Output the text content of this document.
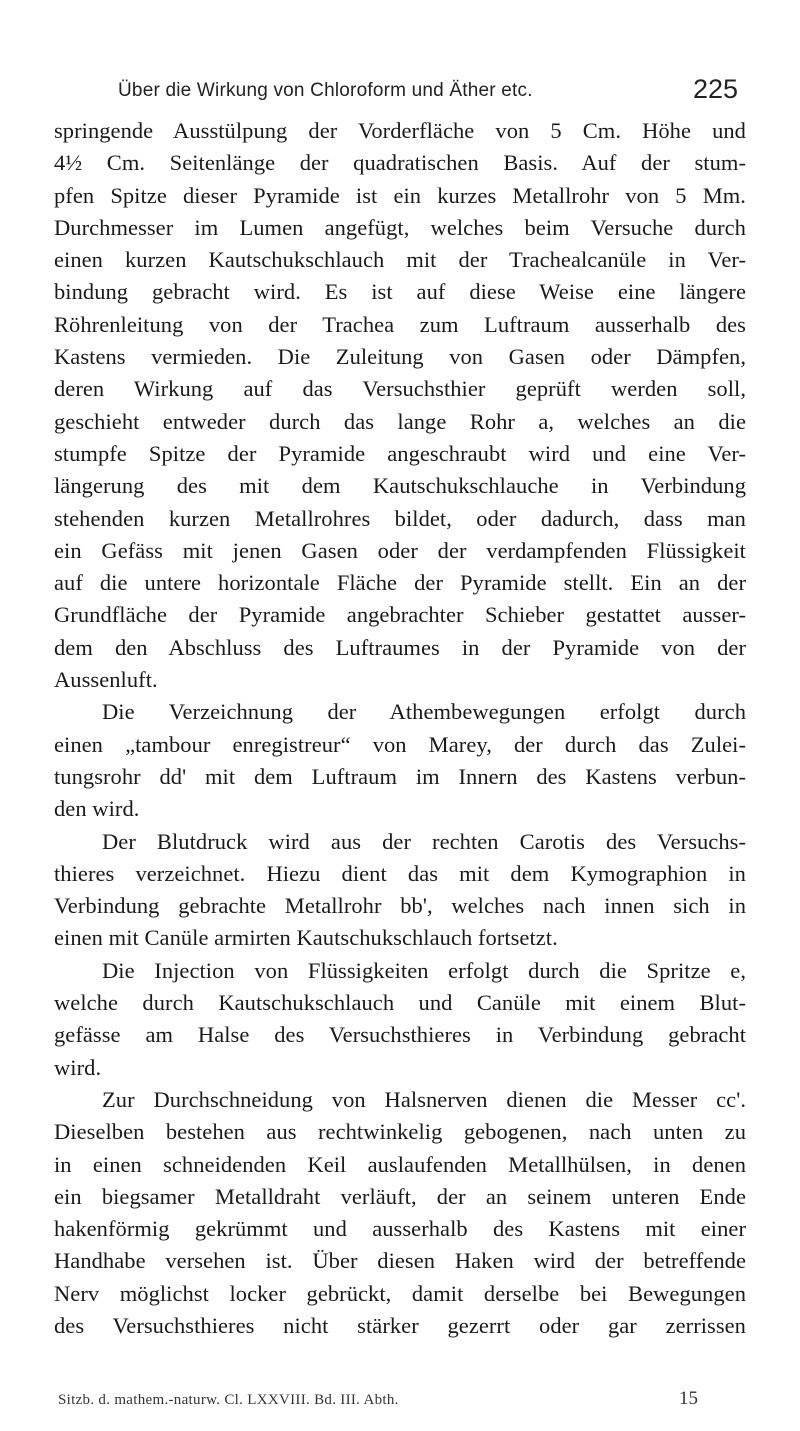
Über die Wirkung von Chloroform und Äther etc.	225
springende Ausstülpung der Vorderfläche von 5 Cm. Höhe und
4½ Cm. Seitenlänge der quadratischen Basis. Auf der stum-
pfen Spitze dieser Pyramide ist ein kurzes Metallrohr von 5 Mm.
Durchmesser im Lumen angefügt, welches beim Versuche durch
einen kurzen Kautschukschlauch mit der Trachealcanüle in Ver-
bindung gebracht wird. Es ist auf diese Weise eine längere
Röhrenleitung von der Trachea zum Luftraum ausserhalb des
Kastens vermieden. Die Zuleitung von Gasen oder Dämpfen,
deren Wirkung auf das Versuchsthier geprüft werden soll,
geschieht entweder durch das lange Rohr a, welches an die
stumpfe Spitze der Pyramide angeschraubt wird und eine Ver-
längerung des mit dem Kautschukschlauche in Verbindung
stehenden kurzen Metallrohres bildet, oder dadurch, dass man
ein Gefäss mit jenen Gasen oder der verdampfenden Flüssigkeit
auf die untere horizontale Fläche der Pyramide stellt. Ein an der
Grundfläche der Pyramide angebrachter Schieber gestattet ausser-
dem den Abschluss des Luftraumes in der Pyramide von der
Aussenluft.
Die Verzeichnung der Athembewegungen erfolgt durch
einen „tambour enregistreur“ von Marey, der durch das Zulei-
tungsrohr dd' mit dem Luftraum im Innern des Kastens verbun-
den wird.
Der Blutdruck wird aus der rechten Carotis des Versuchs-
thieres verzeichnet. Hiezu dient das mit dem Kymographion in
Verbindung gebrachte Metallrohr bb', welches nach innen sich in
einen mit Canüle armirten Kautschukschlauch fortsetzt.
Die Injection von Flüssigkeiten erfolgt durch die Spritze e,
welche durch Kautschukschlauch und Canüle mit einem Blut-
gefässe am Halse des Versuchsthieres in Verbindung gebracht
wird.
Zur Durchschneidung von Halsnerven dienen die Messer cc'.
Dieselben bestehen aus rechtwinkelig gebogenen, nach unten zu
in einen schneidenden Keil auslaufenden Metallhülsen, in denen
ein biegsamer Metalldraht verläuft, der an seinem unteren Ende
hakenförmig gekrümmt und ausserhalb des Kastens mit einer
Handhabe versehen ist. Über diesen Haken wird der betreffende
Nerv möglichst locker gebrückt, damit derselbe bei Bewegungen
des Versuchsthieres nicht stärker gezerrt oder gar zerrissen
Sitzb. d. mathem.-naturw. Cl. LXXVIII. Bd. III. Abth.	15
